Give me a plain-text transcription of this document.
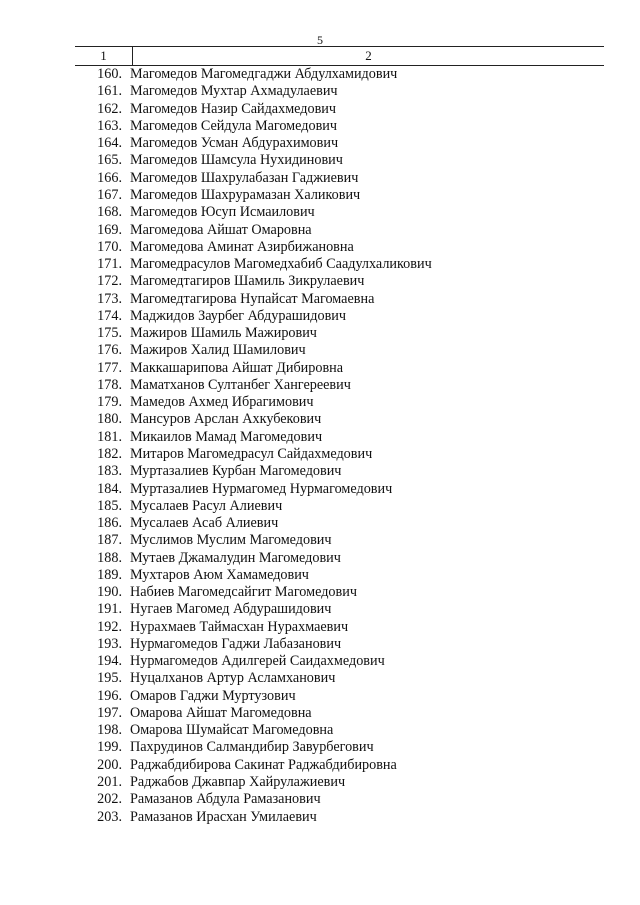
5
1	2
160. Магомедов Магомедгаджи Абдулхамидович
161. Магомедов Мухтар Ахмадулаевич
162. Магомедов Назир Сайдахмедович
163. Магомедов Сейдула Магомедович
164. Магомедов Усман Абдурахимович
165. Магомедов Шамсула Нухидинович
166. Магомедов Шахрулабазан Гаджиевич
167. Магомедов Шахрурамазан Халикович
168. Магомедов Юсуп Исмаилович
169. Магомедова Айшат Омаровна
170. Магомедова Аминат Азирбижановна
171. Магомедрасулов Магомедхабиб Саадулхаликович
172. Магомедтагиров Шамиль Зикрулаевич
173. Магомедтагирова Нупайсат Магомаевна
174. Маджидов Заурбег Абдурашидович
175. Мажиров Шамиль Мажирович
176. Мажиров Халид Шамилович
177. Маккашарипова Айшат Дибировна
178. Маматханов Султанбег Хангереевич
179. Мамедов Ахмед Ибрагимович
180. Мансуров Арслан Ахкубекович
181. Микаилов Мамад Магомедович
182. Митаров Магомедрасул Сайдахмедович
183. Муртазалиев Курбан Магомедович
184. Муртазалиев Нурмагомед Нурмагомедович
185. Мусалаев Расул Алиевич
186. Мусалаев Асаб Алиевич
187. Муслимов Муслим Магомедович
188. Мутаев Джамалудин Магомедович
189. Мухтаров Аюм Хамамедович
190. Набиев Магомедсайгит Магомедович
191. Нугаев Магомед Абдурашидович
192. Нурахмаев Таймасхан Нурахмаевич
193. Нурмагомедов Гаджи Лабазанович
194. Нурмагомедов Адилгерей Саидахмедович
195. Нуцалханов Артур Асламханович
196. Омаров Гаджи Муртузович
197. Омарова Айшат Магомедовна
198. Омарова Шумайсат Магомедовна
199. Пахрудинов Салмандибир Завурбегович
200. Раджабдибирова Сакинат Раджабдибировна
201. Раджабов Джавпар Хайрулажиевич
202. Рамазанов Абдула Рамазанович
203. Рамазанов Ирасхан Умилаевич
